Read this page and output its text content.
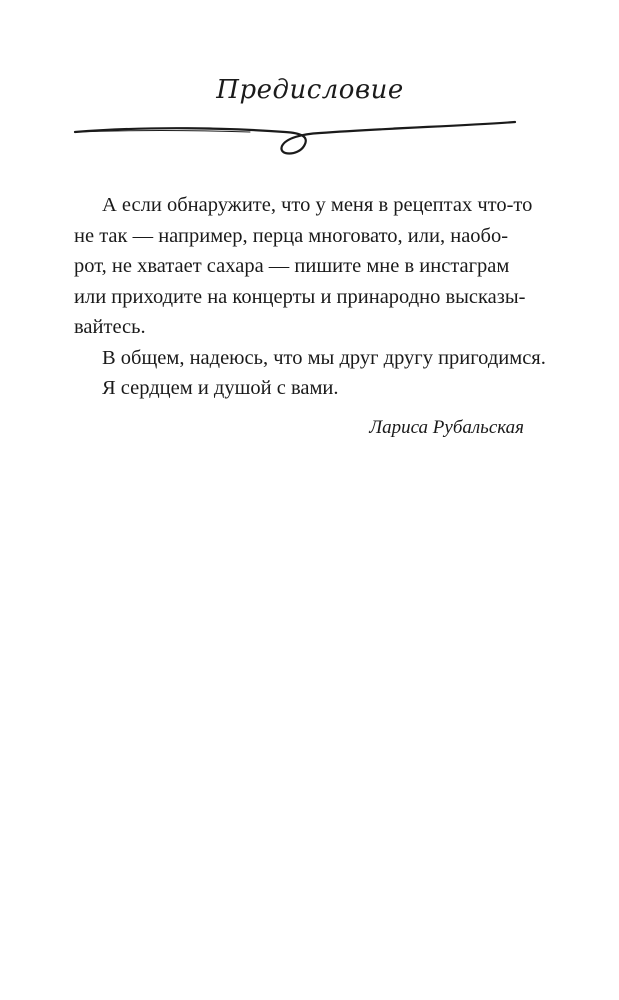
Предисловие
А если обнаружите, что у меня в рецептах что-то
не так — например, перца многовато, или, наобо-
рот, не хватает сахара — пишите мне в инстаграм
или приходите на концерты и принародно высказы-
вайтесь.
В общем, надеюсь, что мы друг другу пригодимся.
Я сердцем и душой с вами.
Лариса Рубальская
